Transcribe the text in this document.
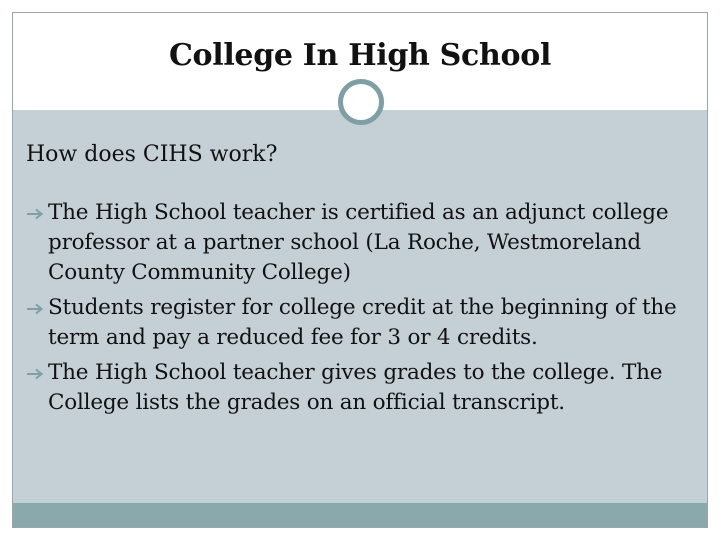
College In High School

How does CIHS work?

The High School teacher is certified as an adjunct college professor at a partner school (La Roche, Westmoreland County Community College)
Students register for college credit at the beginning of the term and pay a reduced fee for 3 or 4 credits.
The High School teacher gives grades to the college. The College lists the grades on an official transcript.
